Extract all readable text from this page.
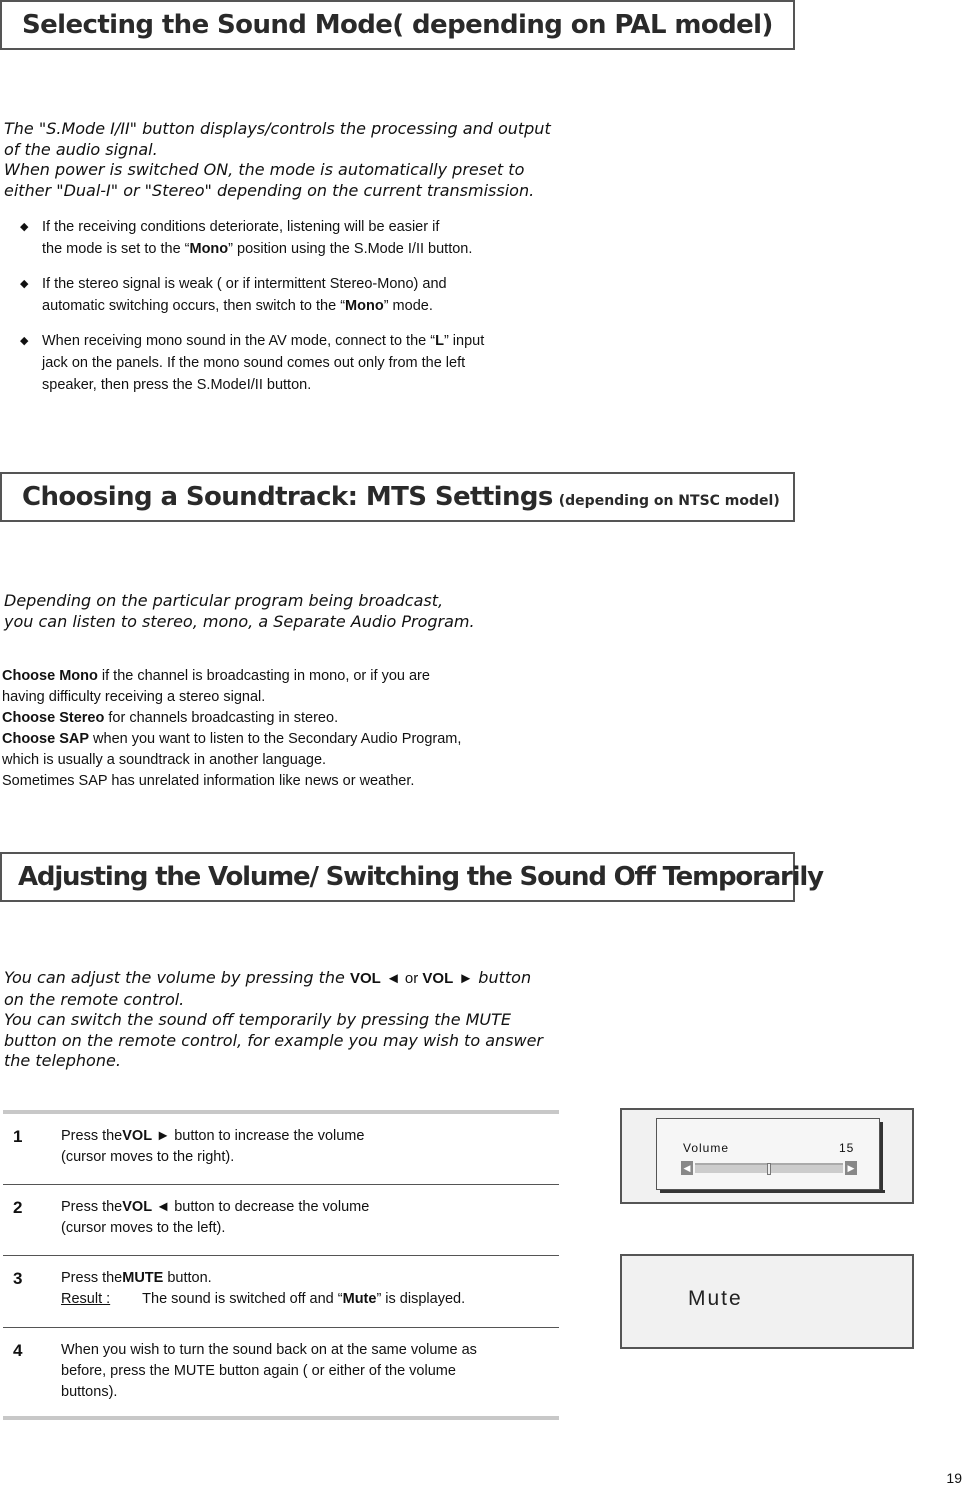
Selecting the Sound Mode( depending on PAL model)

The "S.Mode I/II" button displays/controls the processing and output

of the audio signal.

When power is switched ON, the mode is automatically preset to

either "Dual-I" or "Stereo" depending on the current transmission.

◆ If the receiving conditions deteriorate, listening will be easier if
the mode is set to the “Mono” position using the S.Mode I/II button.
◆ If the stereo signal is weak ( or if intermittent Stereo-Mono) and
automatic switching occurs, then switch to the “Mono” mode.
◆ When receiving mono sound in the AV mode, connect to the “L” input
jack on the panels. If the mono sound comes out only from the left
speaker, then press the S.ModeI/II button.
Choosing a Soundtrack: MTS Settings (depending on NTSC model)

Depending on the particular program being broadcast,

you can listen to stereo, mono, a Separate Audio Program.

Choose Mono if the channel is broadcasting in mono, or if you are
having difficulty receiving a stereo signal.
Choose Stereo for channels broadcasting in stereo.
Choose SAP when you want to listen to the Secondary Audio Program,
which is usually a soundtrack in another language.
Sometimes SAP has unrelated information like news or weather.
Adjusting the Volume/ Switching the Sound Off Temporarily

You can adjust the volume by pressing the VOL ◄ or VOL ► button

on the remote control.

You can switch the sound off temporarily by pressing the MUTE

button on the remote control, for example you may wish to answer

the telephone.

1	Press theVOL ► button to increase the volume
(cursor moves to the right).
2	Press theVOL ◄ button to decrease the volume
(cursor moves to the left).
3	Press theMUTE button.
Result : The sound is switched off and “Mute” is displayed.
4	When you wish to turn the sound back on at the same volume as
before, press the MUTE button again ( or either of the volume
buttons).
Volume	15
◀	▶
Mute
19
